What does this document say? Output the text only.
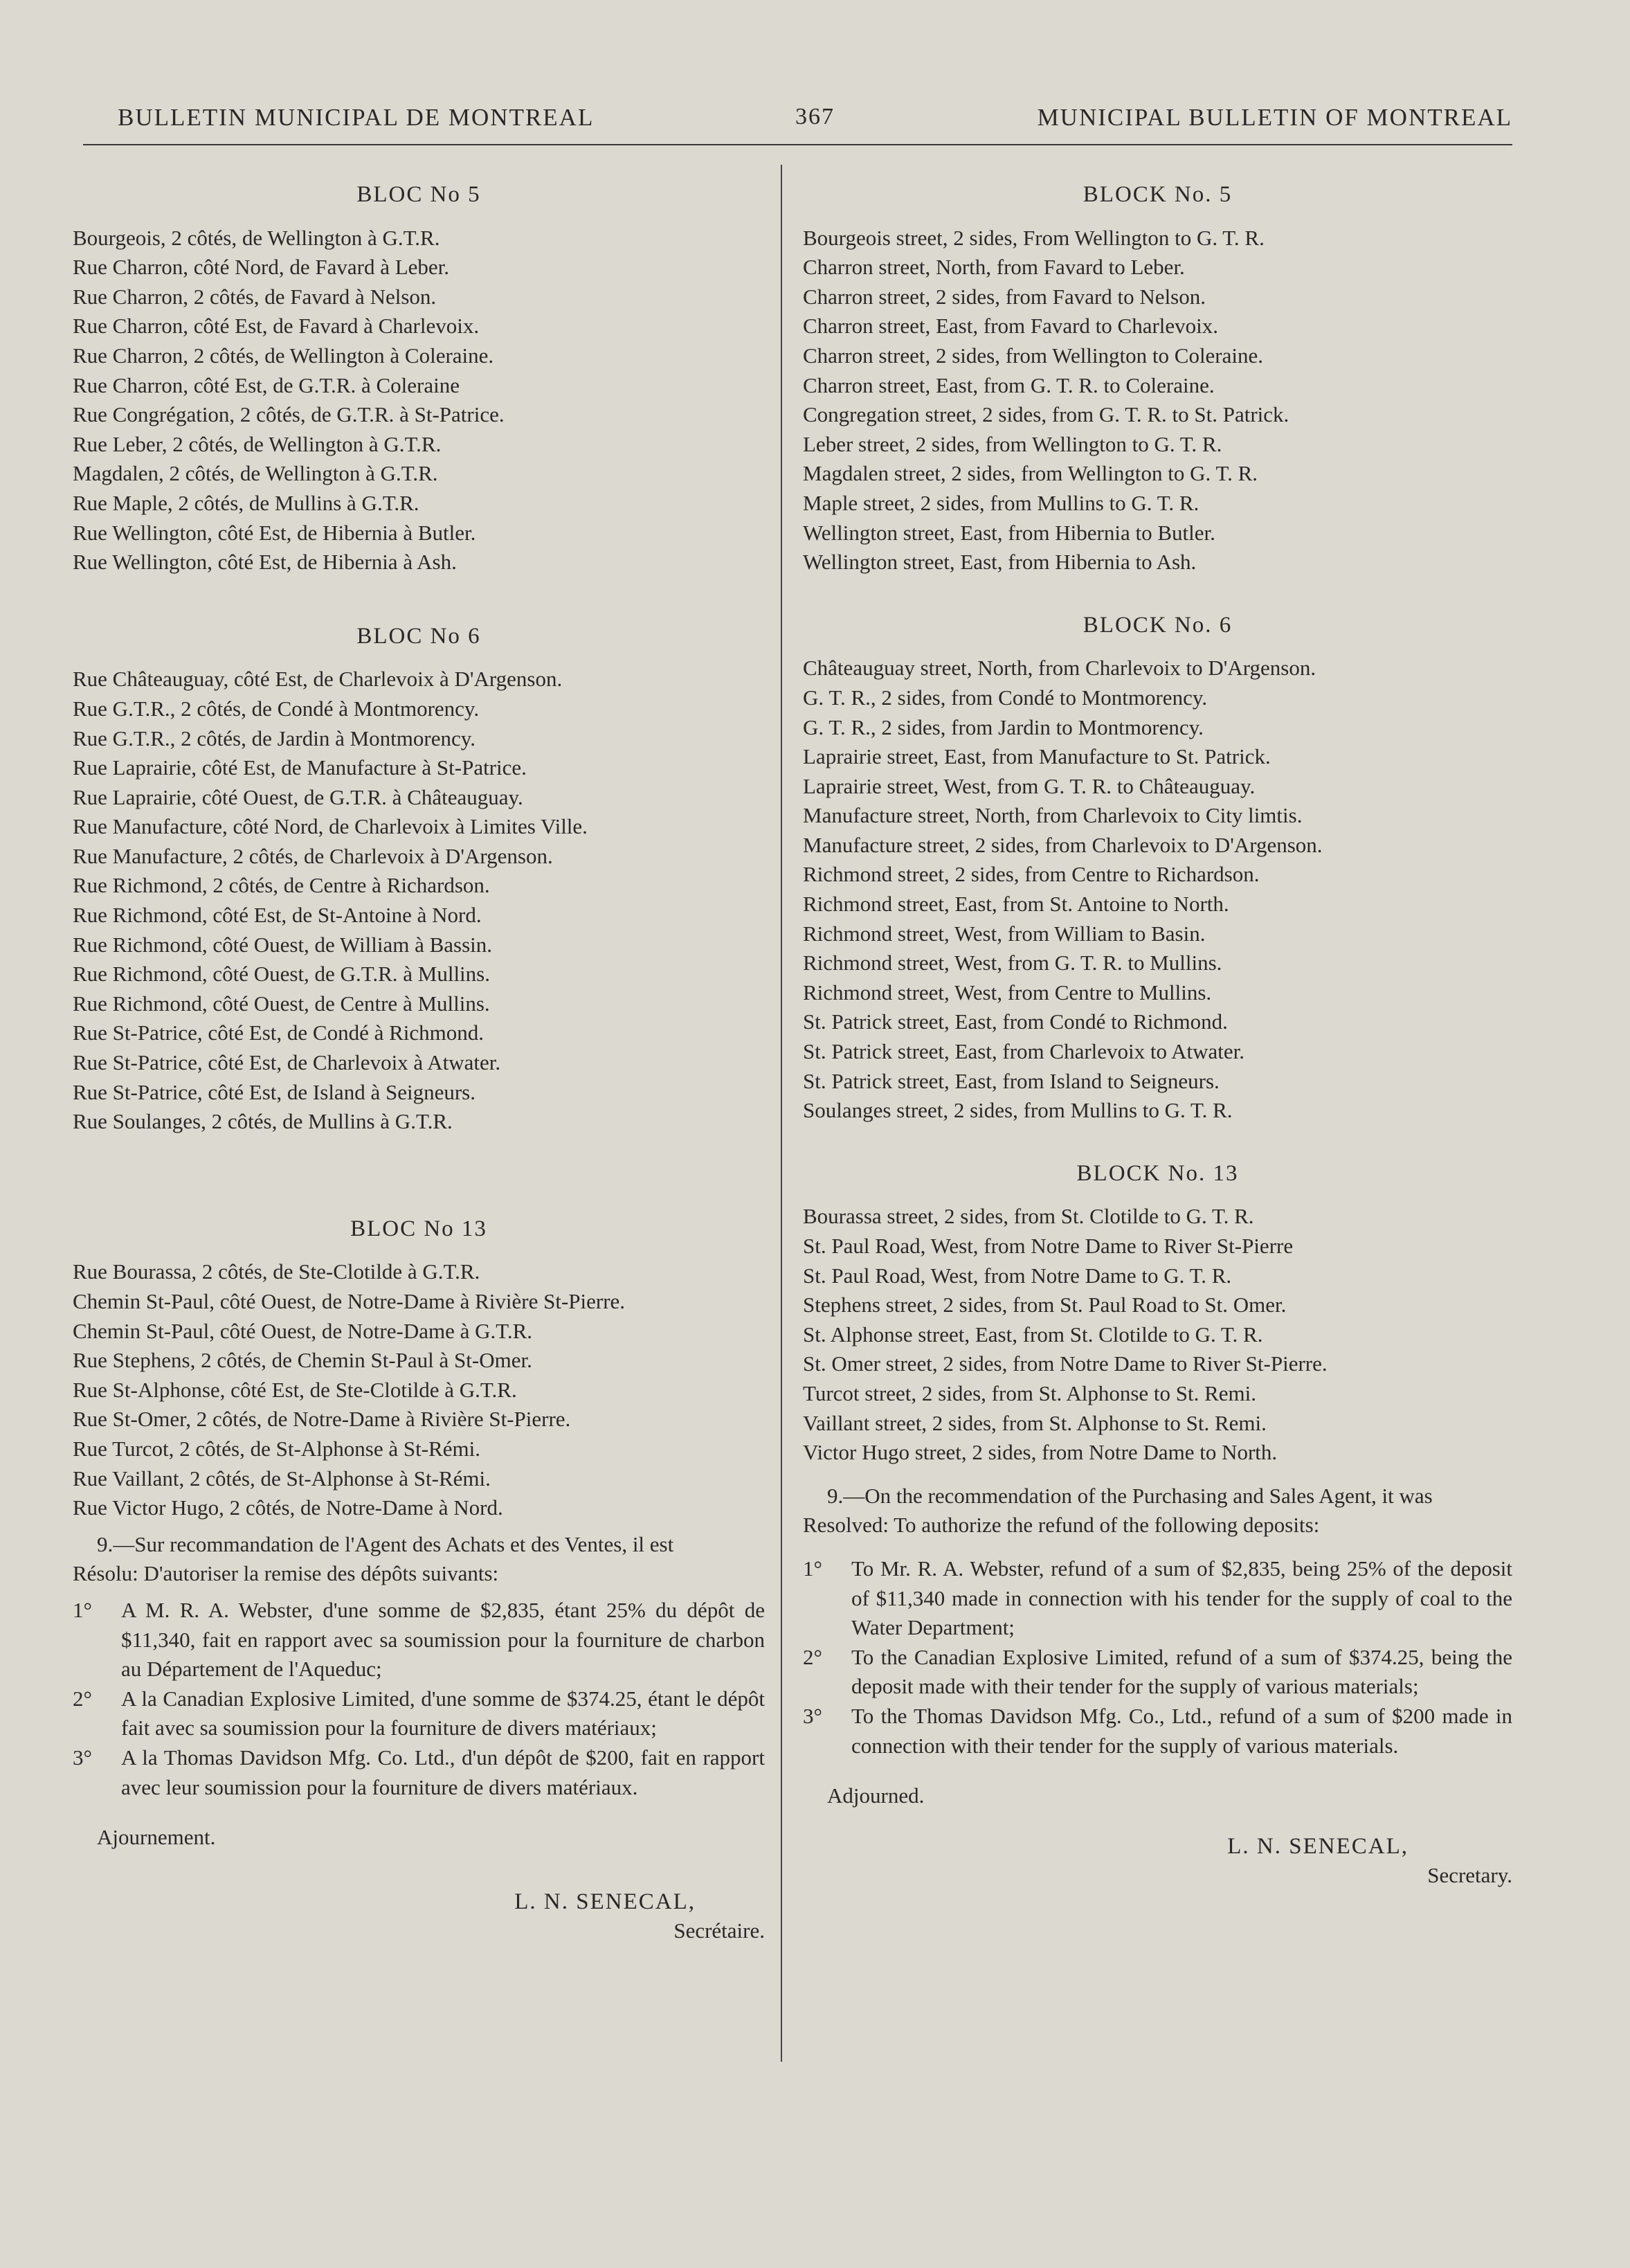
BULLETIN MUNICIPAL DE MONTREAL	367	MUNICIPAL BULLETIN OF MONTREAL
BLOC No 5
Bourgeois, 2 côtés, de Wellington à G.T.R.
Rue Charron, côté Nord, de Favard à Leber.
Rue Charron, 2 côtés, de Favard à Nelson.
Rue Charron, côté Est, de Favard à Charlevoix.
Rue Charron, 2 côtés, de Wellington à Coleraine.
Rue Charron, côté Est, de G.T.R. à Coleraine
Rue Congrégation, 2 côtés, de G.T.R. à St-Patrice.
Rue Leber, 2 côtés, de Wellington à G.T.R.
Magdalen, 2 côtés, de Wellington à G.T.R.
Rue Maple, 2 côtés, de Mullins à G.T.R.
Rue Wellington, côté Est, de Hibernia à Butler.
Rue Wellington, côté Est, de Hibernia à Ash.
BLOC No 6
Rue Châteauguay, côté Est, de Charlevoix à D'Argenson.
Rue G.T.R., 2 côtés, de Condé à Montmorency.
Rue G.T.R., 2 côtés, de Jardin à Montmorency.
Rue Laprairie, côté Est, de Manufacture à St-Patrice.
Rue Laprairie, côté Ouest, de G.T.R. à Châteauguay.
Rue Manufacture, côté Nord, de Charlevoix à Limites Ville.
Rue Manufacture, 2 côtés, de Charlevoix à D'Argenson.
Rue Richmond, 2 côtés, de Centre à Richardson.
Rue Richmond, côté Est, de St-Antoine à Nord.
Rue Richmond, côté Ouest, de William à Bassin.
Rue Richmond, côté Ouest, de G.T.R. à Mullins.
Rue Richmond, côté Ouest, de Centre à Mullins.
Rue St-Patrice, côté Est, de Condé à Richmond.
Rue St-Patrice, côté Est, de Charlevoix à Atwater.
Rue St-Patrice, côté Est, de Island à Seigneurs.
Rue Soulanges, 2 côtés, de Mullins à G.T.R.
BLOC No 13
Rue Bourassa, 2 côtés, de Ste-Clotilde à G.T.R.
Chemin St-Paul, côté Ouest, de Notre-Dame à Rivière St-Pierre.
Chemin St-Paul, côté Ouest, de Notre-Dame à G.T.R.
Rue Stephens, 2 côtés, de Chemin St-Paul à St-Omer.
Rue St-Alphonse, côté Est, de Ste-Clotilde à G.T.R.
Rue St-Omer, 2 côtés, de Notre-Dame à Rivière St-Pierre.
Rue Turcot, 2 côtés, de St-Alphonse à St-Rémi.
Rue Vaillant, 2 côtés, de St-Alphonse à St-Rémi.
Rue Victor Hugo, 2 côtés, de Notre-Dame à Nord.
9.—Sur recommandation de l'Agent des Achats et des Ventes, il est
Résolu: D'autoriser la remise des dépôts suivants:
1°	A M. R. A. Webster, d'une somme de $2,835, étant 25% du dépôt de $11,340, fait en rapport avec sa soumission pour la fourniture de charbon au Département de l'Aqueduc;
2°	A la Canadian Explosive Limited, d'une somme de $374.25, étant le dépôt fait avec sa soumission pour la fourniture de divers matériaux;
3°	A la Thomas Davidson Mfg. Co. Ltd., d'un dépôt de $200, fait en rapport avec leur soumission pour la fourniture de divers matériaux.
Ajournement.
L. N. SENECAL,
Secrétaire.
BLOCK No. 5
Bourgeois street, 2 sides, From Wellington to G. T. R.
Charron street, North, from Favard to Leber.
Charron street, 2 sides, from Favard to Nelson.
Charron street, East, from Favard to Charlevoix.
Charron street, 2 sides, from Wellington to Coleraine.
Charron street, East, from G. T. R. to Coleraine.
Congregation street, 2 sides, from G. T. R. to St. Patrick.
Leber street, 2 sides, from Wellington to G. T. R.
Magdalen street, 2 sides, from Wellington to G. T. R.
Maple street, 2 sides, from Mullins to G. T. R.
Wellington street, East, from Hibernia to Butler.
Wellington street, East, from Hibernia to Ash.
BLOCK No. 6
Châteauguay street, North, from Charlevoix to D'Argenson.
G. T. R., 2 sides, from Condé to Montmorency.
G. T. R., 2 sides, from Jardin to Montmorency.
Laprairie street, East, from Manufacture to St. Patrick.
Laprairie street, West, from G. T. R. to Châteauguay.
Manufacture street, North, from Charlevoix to City limtis.
Manufacture street, 2 sides, from Charlevoix to D'Argenson.
Richmond street, 2 sides, from Centre to Richardson.
Richmond street, East, from St. Antoine to North.
Richmond street, West, from William to Basin.
Richmond street, West, from G. T. R. to Mullins.
Richmond street, West, from Centre to Mullins.
St. Patrick street, East, from Condé to Richmond.
St. Patrick street, East, from Charlevoix to Atwater.
St. Patrick street, East, from Island to Seigneurs.
Soulanges street, 2 sides, from Mullins to G. T. R.
BLOCK No. 13
Bourassa street, 2 sides, from St. Clotilde to G. T. R.
St. Paul Road, West, from Notre Dame to River St-Pierre
St. Paul Road, West, from Notre Dame to G. T. R.
Stephens street, 2 sides, from St. Paul Road to St. Omer.
St. Alphonse street, East, from St. Clotilde to G. T. R.
St. Omer street, 2 sides, from Notre Dame to River St-Pierre.
Turcot street, 2 sides, from St. Alphonse to St. Remi.
Vaillant street, 2 sides, from St. Alphonse to St. Remi.
Victor Hugo street, 2 sides, from Notre Dame to North.
9.—On the recommendation of the Purchasing and Sales Agent, it was
Resolved: To authorize the refund of the following deposits:
1°	To Mr. R. A. Webster, refund of a sum of $2,835, being 25% of the deposit of $11,340 made in connection with his tender for the supply of coal to the Water Department;
2°	To the Canadian Explosive Limited, refund of a sum of $374.25, being the deposit made with their tender for the supply of various materials;
3°	To the Thomas Davidson Mfg. Co., Ltd., refund of a sum of $200 made in connection with their tender for the supply of various materials.
Adjourned.
L. N. SENECAL,
Secretary.
